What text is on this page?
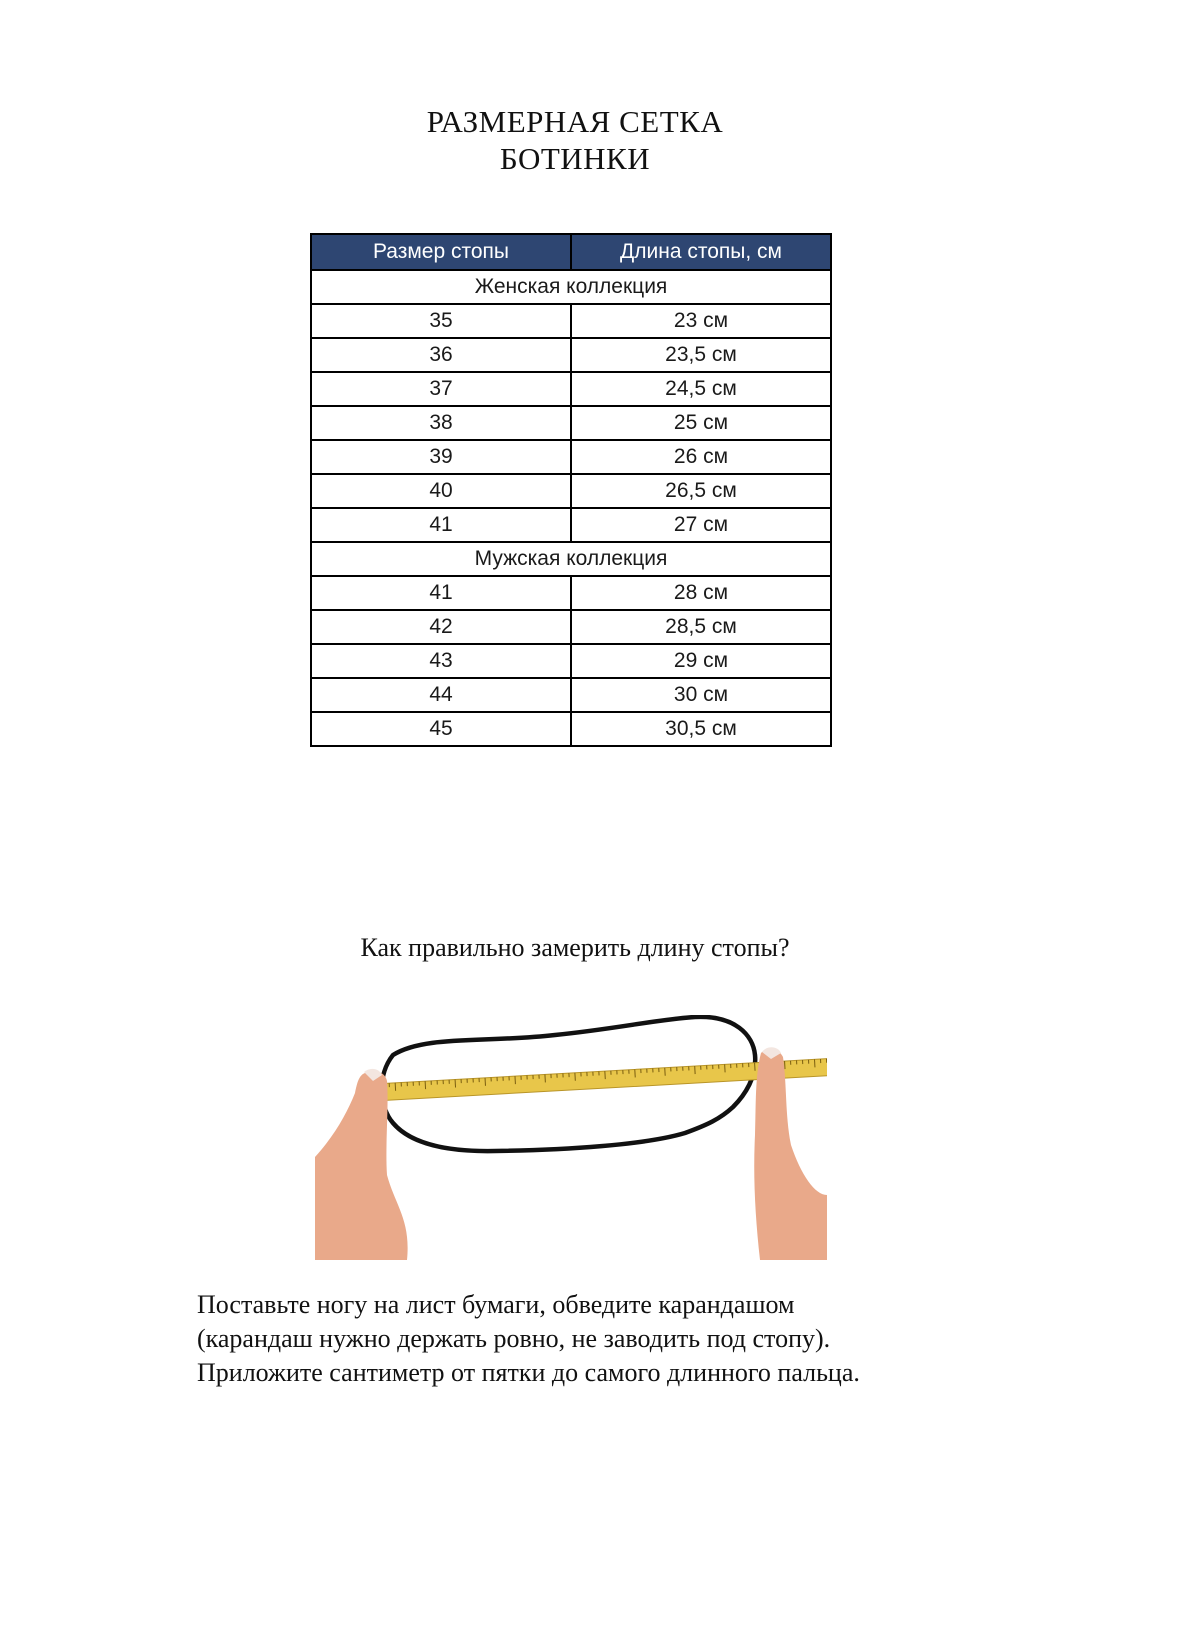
РАЗМЕРНАЯ СЕТКА
БОТИНКИ
Размер стопы	Длина стопы, см
Женская коллекция	
35	23 см
36	23,5 см
37	24,5 см
38	25 см
39	26 см
40	26,5 см
41	27 см
Мужская коллекция	
41	28 см
42	28,5 см
43	29 см
44	30 см
45	30,5 см
Как правильно замерить длину стопы?
Поставьте ногу на лист бумаги, обведите карандашом
(карандаш нужно держать ровно, не заводить под стопу).
Приложите сантиметр от пятки до самого длинного пальца.
